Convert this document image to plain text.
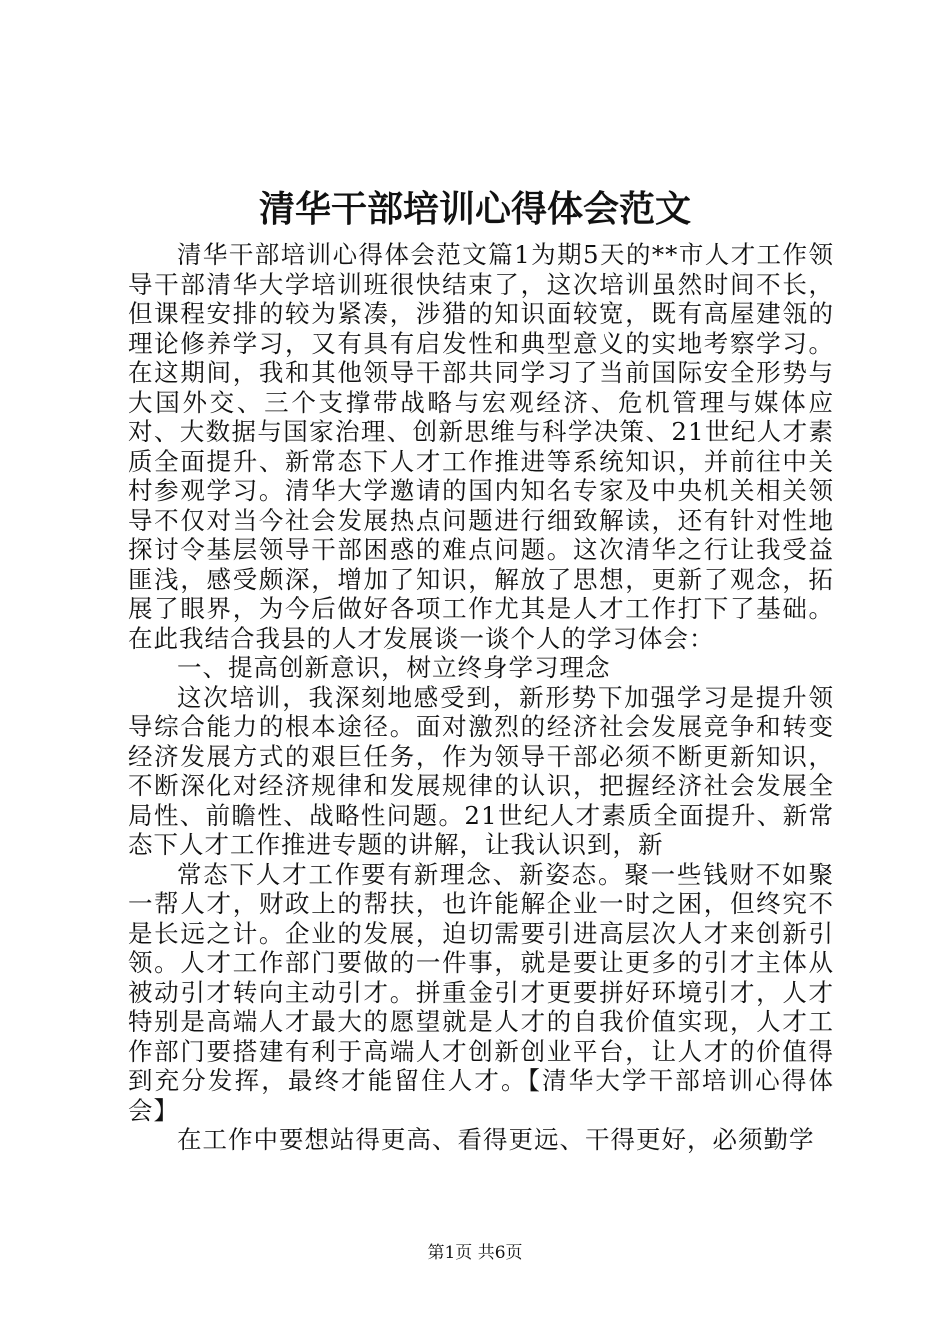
清华干部培训心得体会范文

清华干部培训心得体会范文篇1为期5天的**市人才工作领导干部清华大学培训班很快结束了，这次培训虽然时间不长，但课程安排的较为紧凑，涉猎的知识面较宽，既有高屋建瓴的理论修养学习，又有具有启发性和典型意义的实地考察学习。在这期间，我和其他领导干部共同学习了当前国际安全形势与大国外交、三个支撑带战略与宏观经济、危机管理与媒体应对、大数据与国家治理、创新思维与科学决策、21世纪人才素质全面提升、新常态下人才工作推进等系统知识，并前往中关村参观学习。清华大学邀请的国内知名专家及中央机关相关领导不仅对当今社会发展热点问题进行细致解读，还有针对性地探讨令基层领导干部困惑的难点问题。这次清华之行让我受益匪浅，感受颇深，增加了知识，解放了思想，更新了观念，拓展了眼界，为今后做好各项工作尤其是人才工作打下了基础。在此我结合我县的人才发展谈一谈个人的学习体会：

一、提高创新意识，树立终身学习理念

这次培训，我深刻地感受到，新形势下加强学习是提升领导综合能力的根本途径。面对激烈的经济社会发展竞争和转变经济发展方式的艰巨任务，作为领导干部必须不断更新知识，不断深化对经济规律和发展规律的认识，把握经济社会发展全局性、前瞻性、战略性问题。21世纪人才素质全面提升、新常态下人才工作推进专题的讲解，让我认识到，新

常态下人才工作要有新理念、新姿态。聚一些钱财不如聚一帮人才，财政上的帮扶，也许能解企业一时之困，但终究不是长远之计。企业的发展，迫切需要引进高层次人才来创新引领。人才工作部门要做的一件事，就是要让更多的引才主体从被动引才转向主动引才。拼重金引才更要拼好环境引才，人才特别是高端人才最大的愿望就是人才的自我价值实现，人才工作部门要搭建有利于高端人才创新创业平台，让人才的价值得到充分发挥，最终才能留住人才。【清华大学干部培训心得体会】

在工作中要想站得更高、看得更远、干得更好，必须勤学

第1页 共6页
